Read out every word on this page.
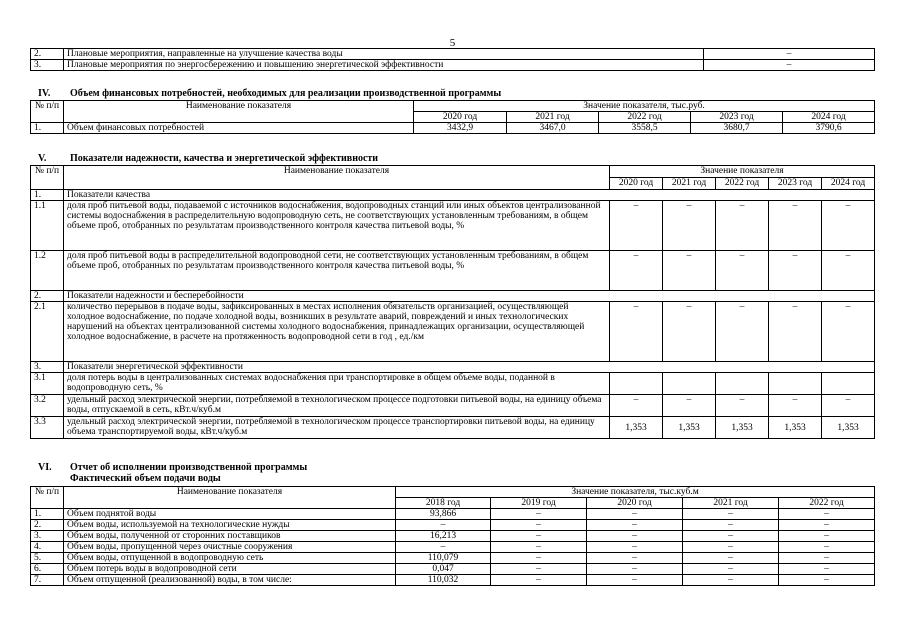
5
2.	Плановые мероприятия, направленные на улучшение качества воды	–
3.	Плановые мероприятия по энергосбережению и повышению энергетической эффективности	–
IV. Объем финансовых потребностей, необходимых для реализации производственной программы
№ п/п	Наименование показателя	Значение показателя, тыс.руб.				
		2020 год	2021 год	2022 год	2023 год	2024 год
1.	Объем финансовых потребностей	3432,9	3467,0	3558,5	3680,7	3790,6
V. Показатели надежности, качества и энергетической эффективности
№ п/п	Наименование показателя	Значение показателя				
		2020 год	2021 год	2022 год	2023 год	2024 год
1.	Показатели качества					
1.1	доля проб питьевой воды, подаваемой с источников водоснабжения, водопроводных станций или иных объектов централизованной системы водоснабжения в распределительную водопроводную сеть, не соответствующих установленным требованиям, в общем объеме проб, отобранных по результатам производственного контроля качества питьевой воды, %	–	–	–	–	–
1.2	доля проб питьевой воды в распределительной водопроводной сети, не соответствующих установленным требованиям, в общем объеме проб, отобранных по результатам производственного контроля качества питьевой воды, %	–	–	–	–	–
2.	Показатели надежности и бесперебойности					
2.1	количество перерывов в подаче воды, зафиксированных в местах исполнения обязательств организацией, осуществляющей холодное водоснабжение, по подаче холодной воды, возникших в результате аварий, повреждений и иных технологических нарушений на объектах централизованной системы холодного водоснабжения, принадлежащих организации, осуществляющей холодное водоснабжение, в расчете на протяженность водопроводной сети в год , ед./км	–	–	–	–	–
3.	Показатели энергетической эффективности					
3.1	доля потерь воды в централизованных системах водоснабжения при транспортировке в общем объеме воды, поданной в водопроводную сеть, %					
3.2	удельный расход электрической энергии, потребляемой в технологическом процессе подготовки питьевой воды, на единицу объема воды, отпускаемой в сеть, кВт.ч/куб.м	–	–	–	–	–
3.3	удельный расход электрической энергии, потребляемой в технологическом процессе транспортировки питьевой воды, на единицу объема транспортируемой воды, кВт.ч/куб.м	1,353	1,353	1,353	1,353	1,353
VI. Отчет об исполнении производственной программы
Фактический объем подачи воды
№ п/п	Наименование показателя	Значение показателя, тыс.куб.м				
		2018 год	2019 год	2020 год	2021 год	2022 год
1.	Объем поднятой воды	93,866	–	–	–	–
2.	Объем воды, используемой на технологические нужды	–	–	–	–	–
3.	Объем воды, полученной от сторонних поставщиков	16,213	–	–	–	–
4.	Объем воды, пропущенной через очистные сооружения	–	–	–	–	–
5.	Объем воды, отпущенной в водопроводную сеть	110,079	–	–	–	–
6.	Объем потерь воды в водопроводной сети	0,047	–	–	–	–
7.	Объем отпущенной (реализованной) воды, в том числе:	110,032	–	–	–	–
